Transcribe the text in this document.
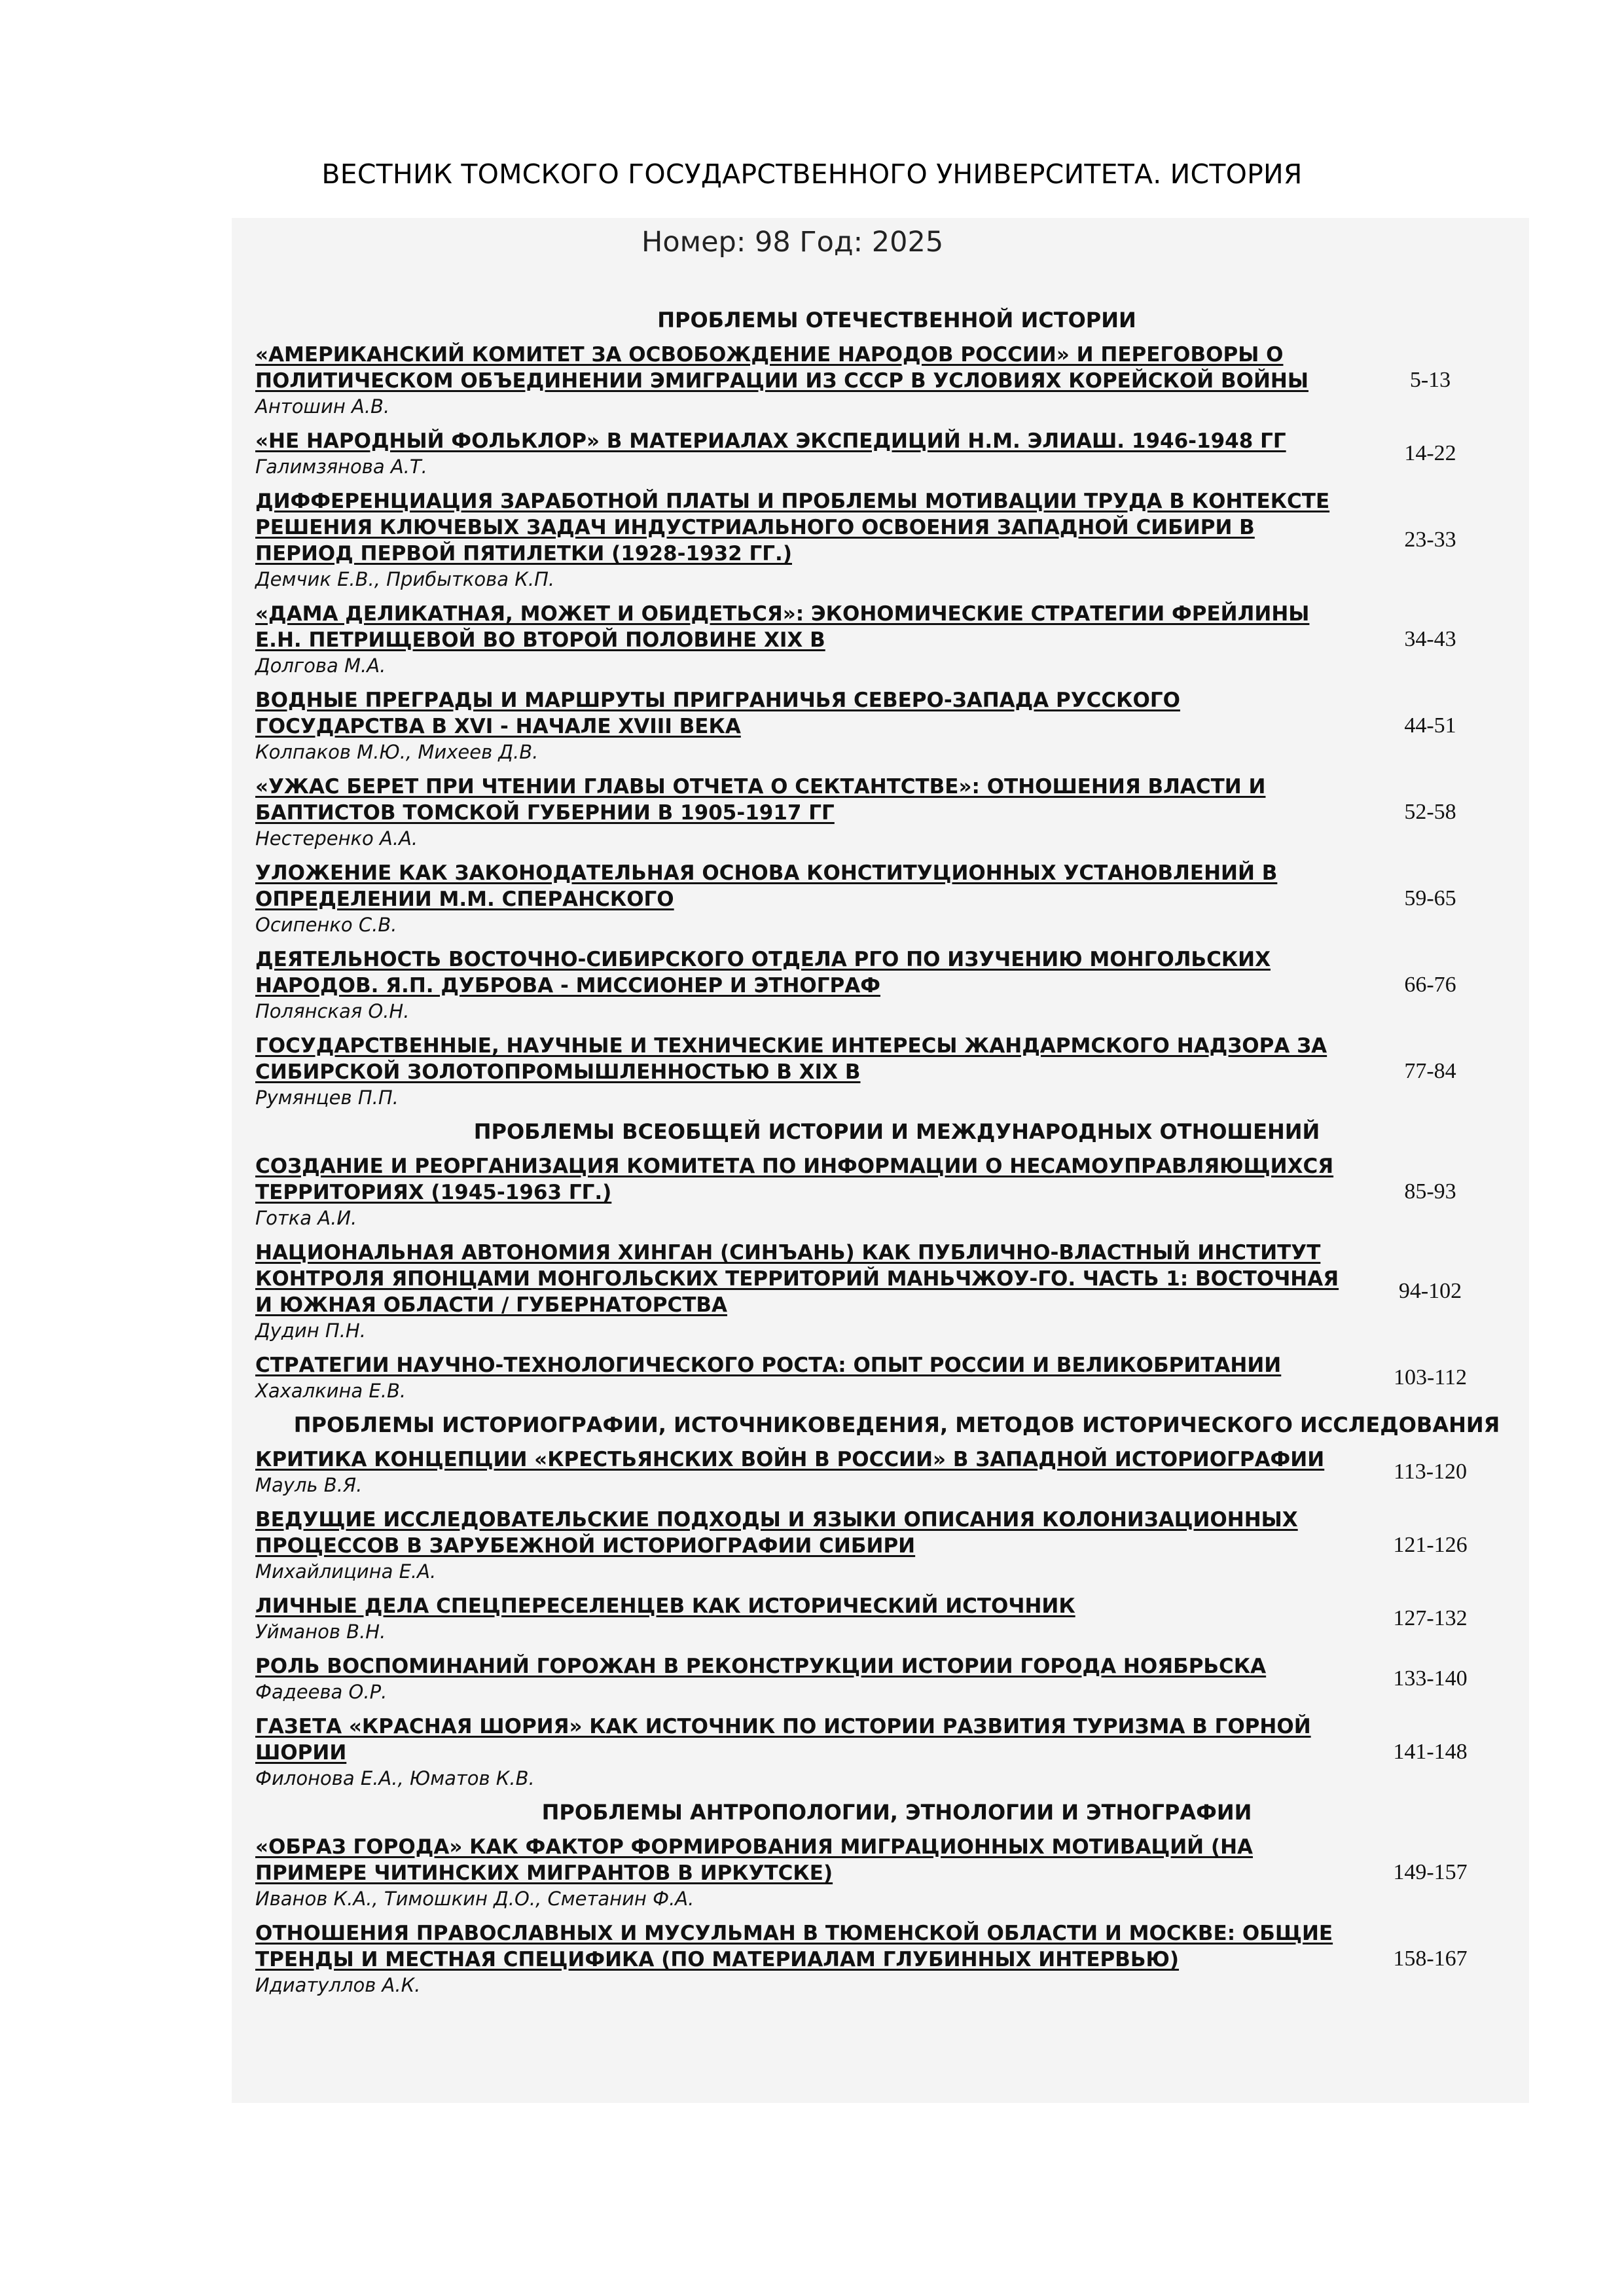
ВЕСТНИК ТОМСКОГО ГОСУДАРСТВЕННОГО УНИВЕРСИТЕТА. ИСТОРИЯ
Номер: 98 Год: 2025
ПРОБЛЕМЫ ОТЕЧЕСТВЕННОЙ ИСТОРИИ
«АМЕРИКАНСКИЙ КОМИТЕТ ЗА ОСВОБОЖДЕНИЕ НАРОДОВ РОССИИ» И ПЕРЕГОВОРЫ О ПОЛИТИЧЕСКОМ ОБЪЕДИНЕНИИ ЭМИГРАЦИИ ИЗ СССР В УСЛОВИЯХ КОРЕЙСКОЙ ВОЙНЫ
Антошин А.В.
5-13
«НЕ НАРОДНЫЙ ФОЛЬКЛОР» В МАТЕРИАЛАХ ЭКСПЕДИЦИЙ Н.М. ЭЛИАШ. 1946-1948 ГГ
Галимзянова А.Т.
14-22
ДИФФЕРЕНЦИАЦИЯ ЗАРАБОТНОЙ ПЛАТЫ И ПРОБЛЕМЫ МОТИВАЦИИ ТРУДА В КОНТЕКСТЕ РЕШЕНИЯ КЛЮЧЕВЫХ ЗАДАЧ ИНДУСТРИАЛЬНОГО ОСВОЕНИЯ ЗАПАДНОЙ СИБИРИ В ПЕРИОД ПЕРВОЙ ПЯТИЛЕТКИ (1928-1932 ГГ.)
Демчик Е.В., Прибыткова К.П.
23-33
«ДАМА ДЕЛИКАТНАЯ, МОЖЕТ И ОБИДЕТЬСЯ»: ЭКОНОМИЧЕСКИЕ СТРАТЕГИИ ФРЕЙЛИНЫ Е.Н. ПЕТРИЩЕВОЙ ВО ВТОРОЙ ПОЛОВИНЕ XIX В
Долгова М.А.
34-43
ВОДНЫЕ ПРЕГРАДЫ И МАРШРУТЫ ПРИГРАНИЧЬЯ СЕВЕРО-ЗАПАДА РУССКОГО ГОСУДАРСТВА В XVI - НАЧАЛЕ XVIII ВЕКА
Колпаков М.Ю., Михеев Д.В.
44-51
«УЖАС БЕРЕТ ПРИ ЧТЕНИИ ГЛАВЫ ОТЧЕТА О СЕКТАНТСТВЕ»: ОТНОШЕНИЯ ВЛАСТИ И БАПТИСТОВ ТОМСКОЙ ГУБЕРНИИ В 1905-1917 ГГ
Нестеренко А.А.
52-58
УЛОЖЕНИЕ КАК ЗАКОНОДАТЕЛЬНАЯ ОСНОВА КОНСТИТУЦИОННЫХ УСТАНОВЛЕНИЙ В ОПРЕДЕЛЕНИИ М.М. СПЕРАНСКОГО
Осипенко С.В.
59-65
ДЕЯТЕЛЬНОСТЬ ВОСТОЧНО-СИБИРСКОГО ОТДЕЛА РГО ПО ИЗУЧЕНИЮ МОНГОЛЬСКИХ НАРОДОВ. Я.П. ДУБРОВА - МИССИОНЕР И ЭТНОГРАФ
Полянская О.Н.
66-76
ГОСУДАРСТВЕННЫЕ, НАУЧНЫЕ И ТЕХНИЧЕСКИЕ ИНТЕРЕСЫ ЖАНДАРМСКОГО НАДЗОРА ЗА СИБИРСКОЙ ЗОЛОТОПРОМЫШЛЕННОСТЬЮ В XIX В
Румянцев П.П.
77-84
ПРОБЛЕМЫ ВСЕОБЩЕЙ ИСТОРИИ И МЕЖДУНАРОДНЫХ ОТНОШЕНИЙ
СОЗДАНИЕ И РЕОРГАНИЗАЦИЯ КОМИТЕТА ПО ИНФОРМАЦИИ О НЕСАМОУПРАВЛЯЮЩИХСЯ ТЕРРИТОРИЯХ (1945-1963 ГГ.)
Готка А.И.
85-93
НАЦИОНАЛЬНАЯ АВТОНОМИЯ ХИНГАН (СИНЪАНЬ) КАК ПУБЛИЧНО-ВЛАСТНЫЙ ИНСТИТУТ КОНТРОЛЯ ЯПОНЦАМИ МОНГОЛЬСКИХ ТЕРРИТОРИЙ МАНЬЧЖОУ-ГО. ЧАСТЬ 1: ВОСТОЧНАЯ И ЮЖНАЯ ОБЛАСТИ / ГУБЕРНАТОРСТВА
Дудин П.Н.
94-102
СТРАТЕГИИ НАУЧНО-ТЕХНОЛОГИЧЕСКОГО РОСТА: ОПЫТ РОССИИ И ВЕЛИКОБРИТАНИИ
Хахалкина Е.В.
103-112
ПРОБЛЕМЫ ИСТОРИОГРАФИИ, ИСТОЧНИКОВЕДЕНИЯ, МЕТОДОВ ИСТОРИЧЕСКОГО ИССЛЕДОВАНИЯ
КРИТИКА КОНЦЕПЦИИ «КРЕСТЬЯНСКИХ ВОЙН В РОССИИ» В ЗАПАДНОЙ ИСТОРИОГРАФИИ
Мауль В.Я.
113-120
ВЕДУЩИЕ ИССЛЕДОВАТЕЛЬСКИЕ ПОДХОДЫ И ЯЗЫКИ ОПИСАНИЯ КОЛОНИЗАЦИОННЫХ ПРОЦЕССОВ В ЗАРУБЕЖНОЙ ИСТОРИОГРАФИИ СИБИРИ
Михайлицина Е.А.
121-126
ЛИЧНЫЕ ДЕЛА СПЕЦПЕРЕСЕЛЕНЦЕВ КАК ИСТОРИЧЕСКИЙ ИСТОЧНИК
Уйманов В.Н.
127-132
РОЛЬ ВОСПОМИНАНИЙ ГОРОЖАН В РЕКОНСТРУКЦИИ ИСТОРИИ ГОРОДА НОЯБРЬСКА
Фадеева О.Р.
133-140
ГАЗЕТА «КРАСНАЯ ШОРИЯ» КАК ИСТОЧНИК ПО ИСТОРИИ РАЗВИТИЯ ТУРИЗМА В ГОРНОЙ ШОРИИ
Филонова Е.А., Юматов К.В.
141-148
ПРОБЛЕМЫ АНТРОПОЛОГИИ, ЭТНОЛОГИИ И ЭТНОГРАФИИ
«ОБРАЗ ГОРОДА» КАК ФАКТОР ФОРМИРОВАНИЯ МИГРАЦИОННЫХ МОТИВАЦИЙ (НА ПРИМЕРЕ ЧИТИНСКИХ МИГРАНТОВ В ИРКУТСКЕ)
Иванов К.А., Тимошкин Д.О., Сметанин Ф.А.
149-157
ОТНОШЕНИЯ ПРАВОСЛАВНЫХ И МУСУЛЬМАН В ТЮМЕНСКОЙ ОБЛАСТИ И МОСКВЕ: ОБЩИЕ ТРЕНДЫ И МЕСТНАЯ СПЕЦИФИКА (ПО МАТЕРИАЛАМ ГЛУБИННЫХ ИНТЕРВЬЮ)
Идиатуллов А.К.
158-167
